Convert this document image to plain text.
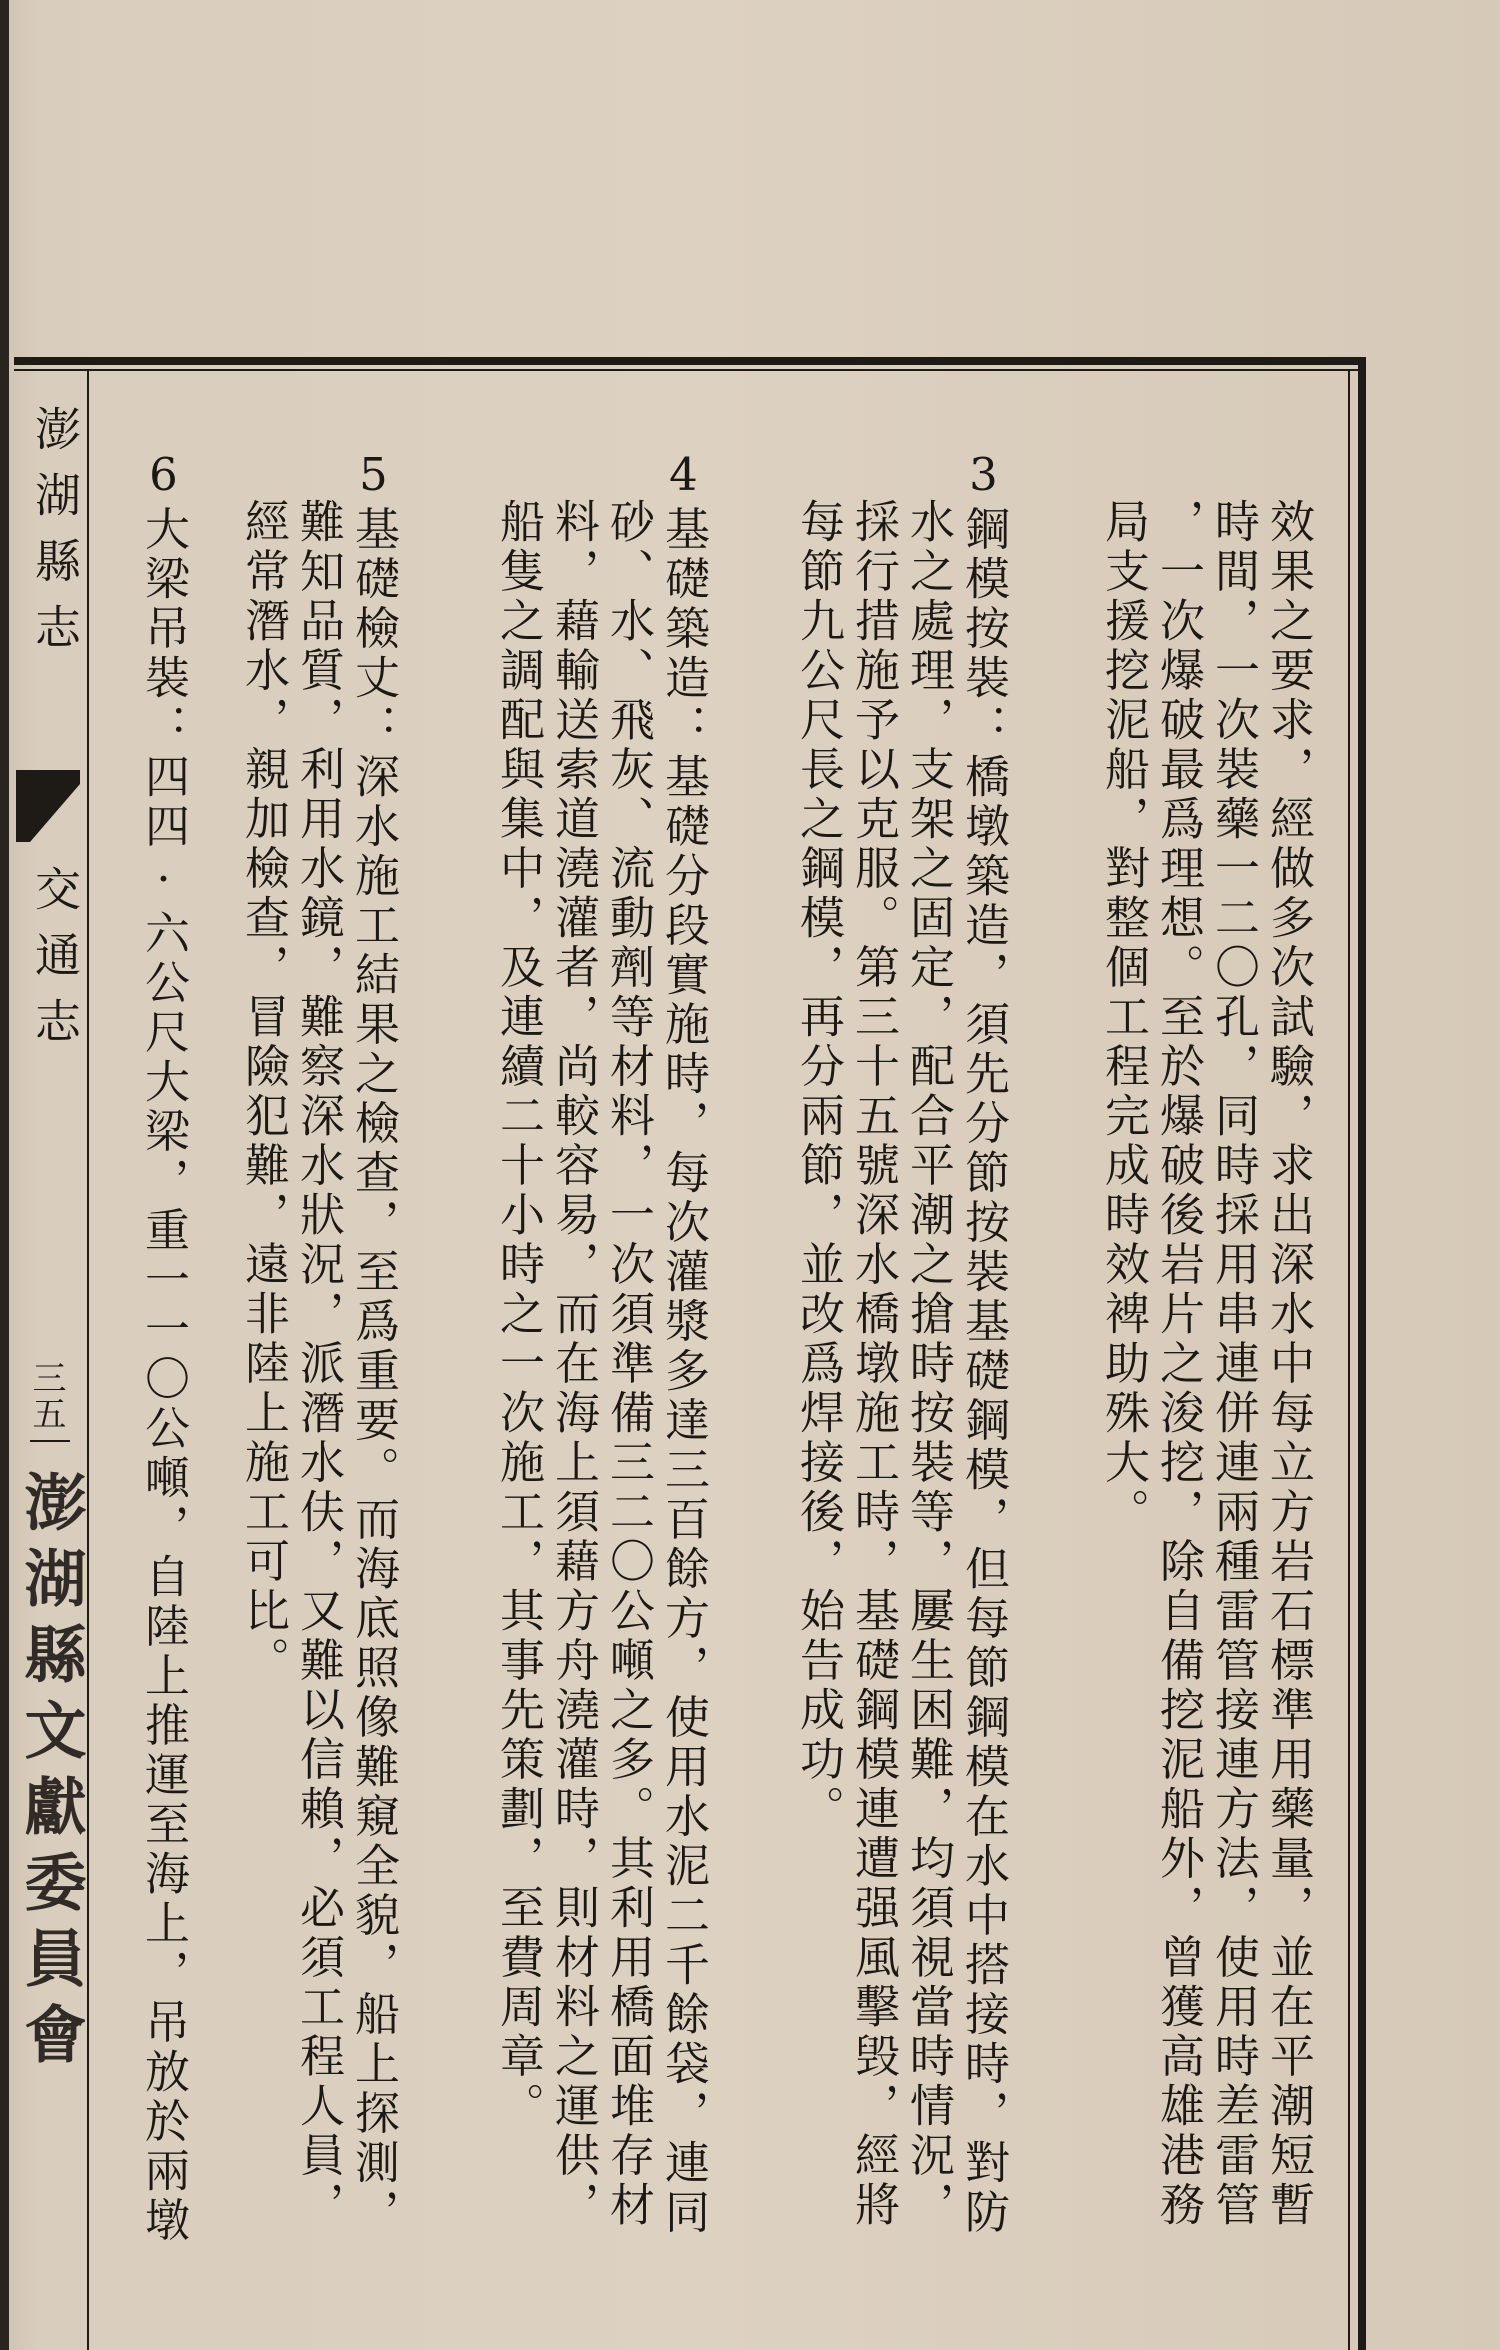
澎湖縣志
交通志
三五
澎湖縣文獻委員會	效果之要求，經做多次試驗，求出深水中每立方岩石標準用藥量，並在平潮短暫
時間，一次裝藥一二〇孔，同時採用串連併連兩種雷管接連方法，使用時差雷管
，一次爆破最爲理想。至於爆破後岩片之浚挖，除自備挖泥船外，曾獲高雄港務
局支援挖泥船，對整個工程完成時效裨助殊大。
3鋼模按裝：橋墩築造，須先分節按裝基礎鋼模，但每節鋼模在水中搭接時，對防
水之處理，支架之固定，配合平潮之搶時按裝等，屢生困難，均須視當時情況，
採行措施予以克服。第三十五號深水橋墩施工時，基礎鋼模連遭强風擊毁，經將
每節九公尺長之鋼模，再分兩節，並改爲焊接後，始告成功。
4基礎築造：基礎分段實施時，每次灌漿多達三百餘方，使用水泥二千餘袋，連同
砂、水、飛灰、流動劑等材料，一次須準備三二〇公噸之多。其利用橋面堆存材
料，藉輸送索道澆灌者，尚較容易，而在海上須藉方舟澆灌時，則材料之運供，
船隻之調配與集中，及連續二十小時之一次施工，其事先策劃，至費周章。
5基礎檢丈：深水施工結果之檢查，至爲重要。而海底照像難窺全貌，船上探測，
難知品質，利用水鏡，難察深水狀況，派潛水伕，又難以信賴，必須工程人員，
經常潛水，親加檢查，冒險犯難，遠非陸上施工可比。
6大梁吊裝：四四·六公尺大梁，重一一〇公噸，自陸上推運至海上，吊放於兩墩
